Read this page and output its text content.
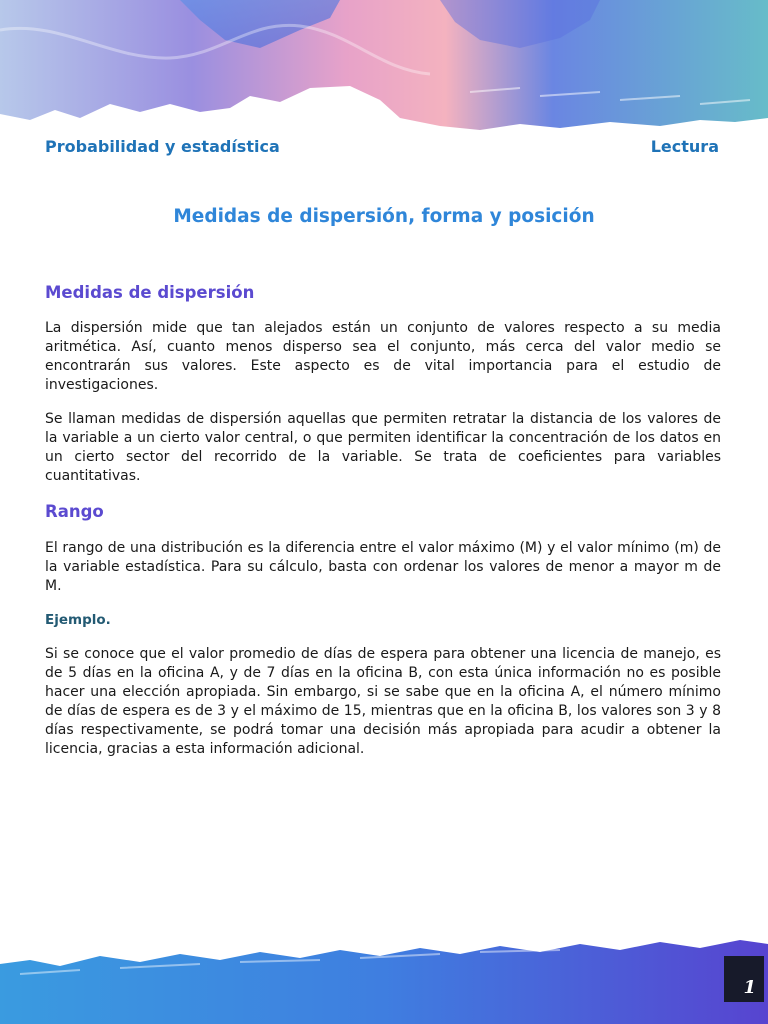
Probabilidad y estadística	Lectura
Medidas de dispersión, forma y posición
Medidas de dispersión
La dispersión mide que tan alejados están un conjunto de valores respecto a su media aritmética. Así, cuanto menos disperso sea el conjunto, más cerca del valor medio se encontrarán sus valores. Este aspecto es de vital importancia para el estudio de investigaciones.
Se llaman medidas de dispersión aquellas que permiten retratar la distancia de los valores de la variable a un cierto valor central, o que permiten identificar la concentración de los datos en un cierto sector del recorrido de la variable. Se trata de coeficientes para variables cuantitativas.
Rango
El rango de una distribución es la diferencia entre el valor máximo (M) y el valor mínimo (m) de la variable estadística. Para su cálculo, basta con ordenar los valores de menor a mayor m de M.
Ejemplo.
Si se conoce que el valor promedio de días de espera para obtener una licencia de manejo, es de 5 días en la oficina A, y de 7 días en la oficina B, con esta única información no es posible hacer una elección apropiada. Sin embargo, si se sabe que en la oficina A, el número mínimo de días de espera es de 3 y el máximo de 15, mientras que en la oficina B, los valores son 3 y 8 días respectivamente, se podrá tomar una decisión más apropiada para acudir a obtener la licencia, gracias a esta información adicional.
1
